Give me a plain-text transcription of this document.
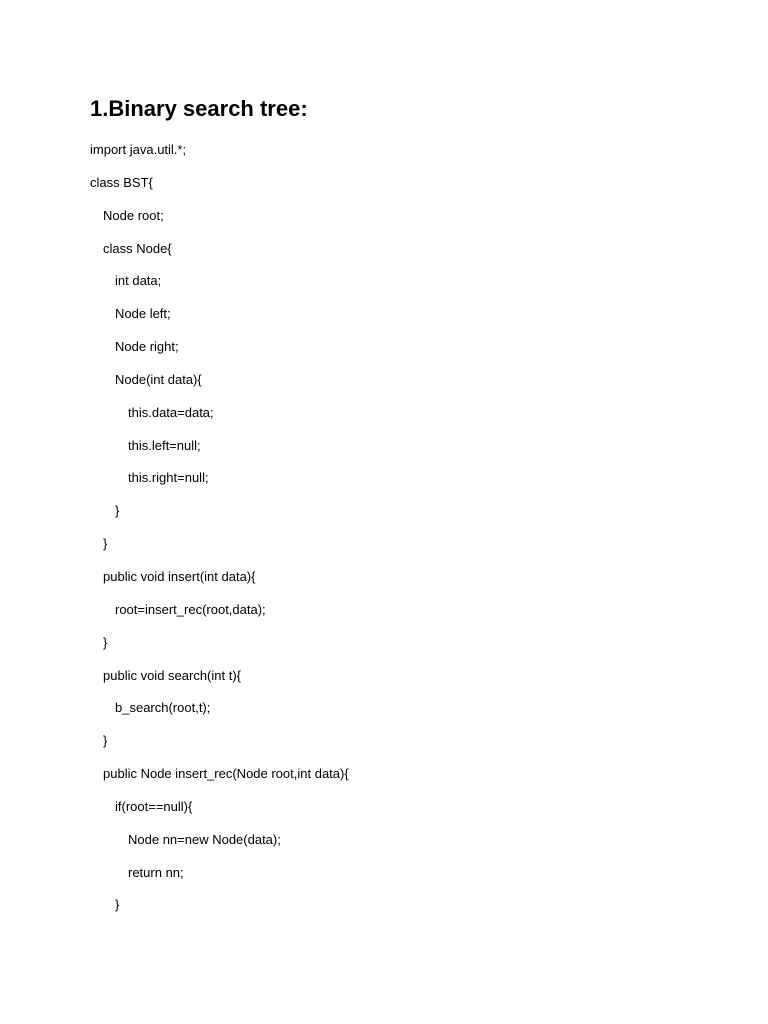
1.Binary search tree:
import java.util.*;
class BST{
Node root;
class Node{
int data;
Node left;
Node right;
Node(int data){
this.data=data;
this.left=null;
this.right=null;
}
}
public void insert(int data){
root=insert_rec(root,data);
}
public void search(int t){
b_search(root,t);
}
public Node insert_rec(Node root,int data){
if(root==null){
Node nn=new Node(data);
return nn;
}
